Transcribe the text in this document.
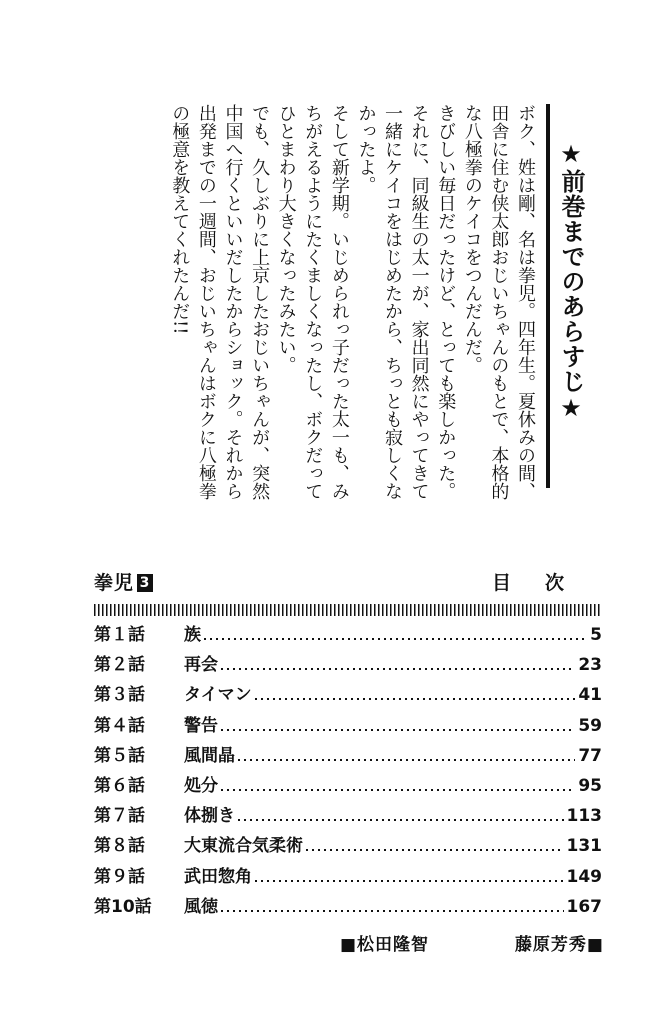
★前巻までのあらすじ★

ボク、姓は剛、名は拳児。四年生。夏休みの間、田舎に住む侠太郎おじいちゃんのもとで、本格的な八極拳のケイコをつんだんだ。

きびしい毎日だったけど、とっても楽しかった。それに、同級生の太一が、家出同然にやってきて一緒にケイコをはじめたから、ちっとも寂しくなかったよ。

そして新学期。いじめられっ子だった太一も、みちがえるようにたくましくなったし、ボクだってひとまわり大きくなったみたい。

でも、久しぶりに上京したおじいちゃんが、突然中国へ行くといいだしたからショック。それから出発までの一週間、おじいちゃんはボクに八極拳の極意を教えてくれたんだ!!

拳児 3	目次
第１話	族	5
第２話	再会	23
第３話	タイマン	41
第４話	警告	59
第５話	風間晶	77
第６話	処分	95
第７話	体捌き	113
第８話	大東流合気柔術	131
第９話	武田惣角	149
第10話	風徳	167
■松田隆智	藤原芳秀■
